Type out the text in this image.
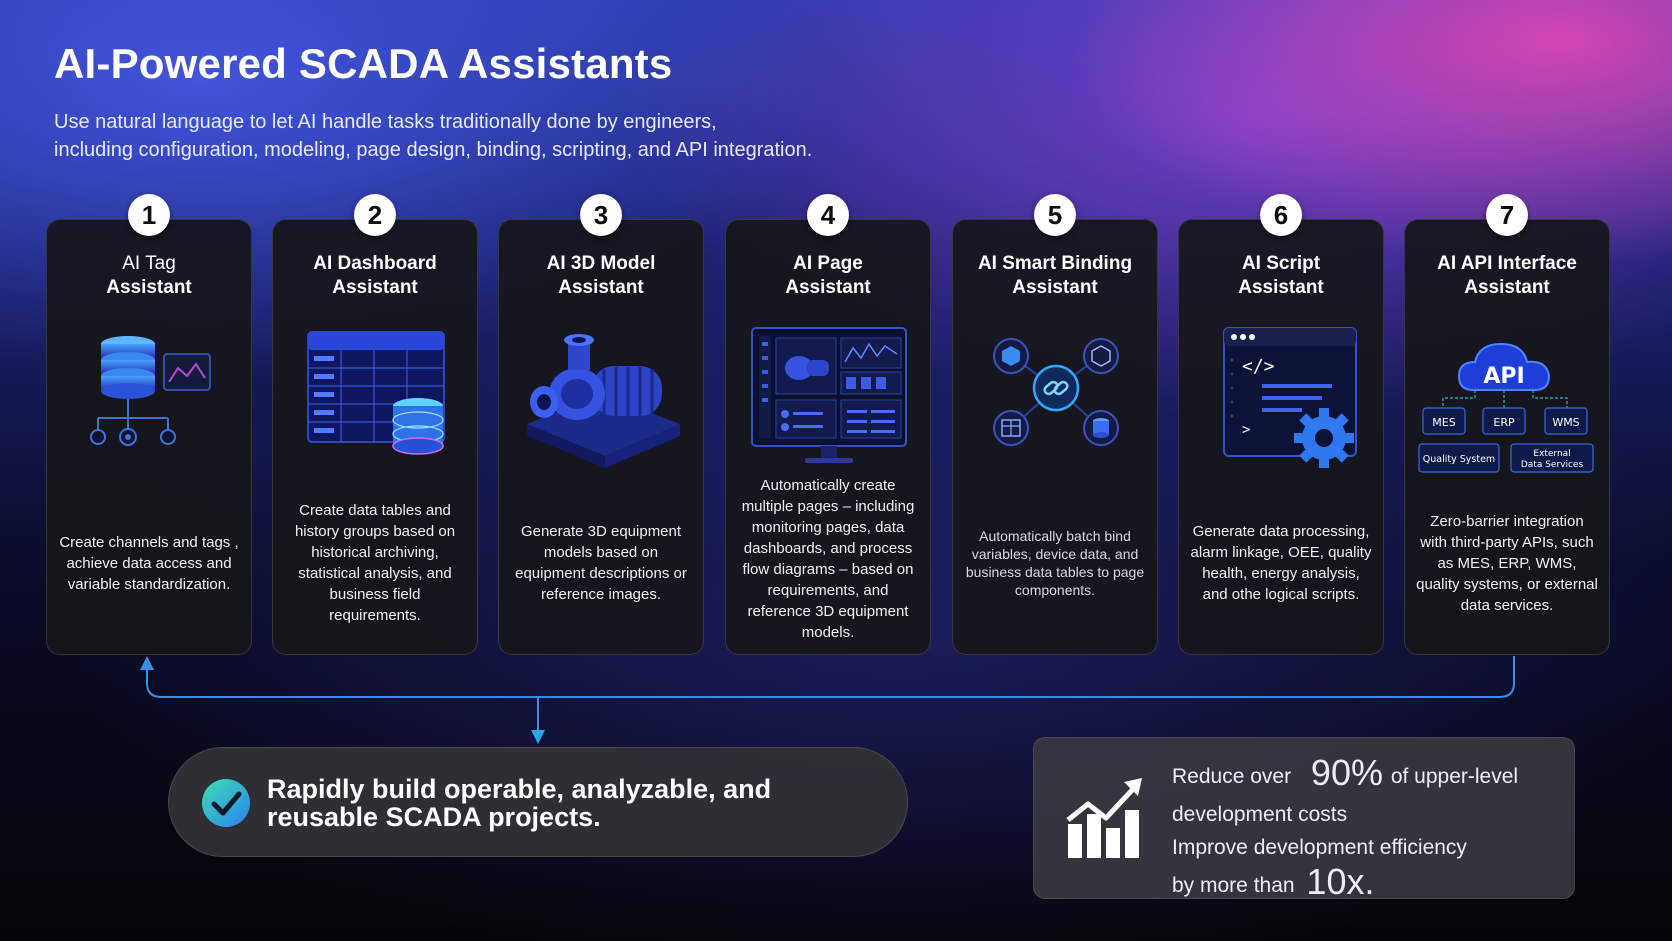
AI-Powered SCADA Assistants
Use natural language to let AI handle tasks traditionally done by engineers,
including configuration, modeling, page design, binding, scripting, and API integration.
1
AI Tag
Assistant
Create channels and tags , achieve data access and variable standardization.
2
AI Dashboard
Assistant
Create data tables and history groups based on historical archiving, statistical analysis, and business field requirements.
3
AI 3D Model
Assistant
Generate 3D equipment models based on equipment descriptions or reference images.
4
AI Page
Assistant
Automatically create multiple pages – including monitoring pages, data dashboards, and process flow diagrams – based on requirements, and reference 3D equipment models.
5
AI Smart Binding
Assistant
Automatically batch bind variables, device data, and business data tables to page components.
6
AI Script
Assistant
</>
>
Generate data processing, alarm linkage, OEE, quality health, energy analysis, and othe logical scripts.
7
AI API Interface
Assistant
API
MES	ERP	WMS
Quality System	External
Data Services
Zero-barrier integration with third-party APIs, such as MES, ERP, WMS, quality systems, or external data services.
Rapidly build operable, analyzable, and
reusable SCADA projects.
Reduce over 90% of upper-level
development costs
Improve development efficiency
by more than 10x.
